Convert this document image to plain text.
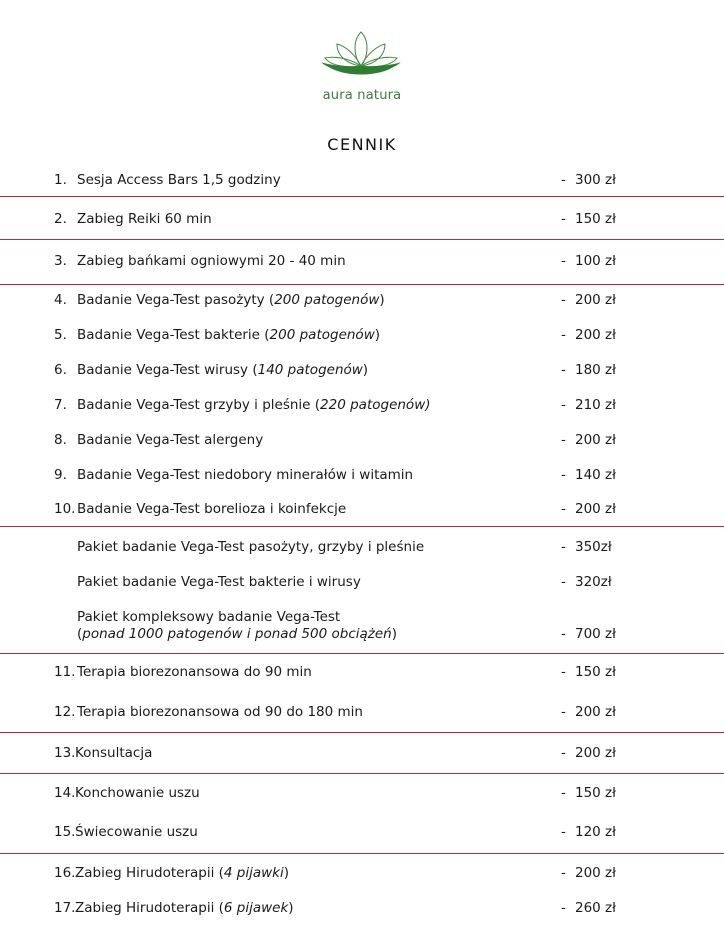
aura natura
CENNIK
1. Sesja Access Bars 1,5 godziny	- 300 zł
2. Zabieg Reiki 60 min	- 150 zł
3. Zabieg bańkami ogniowymi 20 - 40 min	- 100 zł
4. Badanie Vega-Test pasożyty (200 patogenów)	- 200 zł
5. Badanie Vega-Test bakterie (200 patogenów)	- 200 zł
6. Badanie Vega-Test wirusy (140 patogenów)	- 180 zł
7. Badanie Vega-Test grzyby i pleśnie (220 patogenów)	- 210 zł
8. Badanie Vega-Test alergeny	- 200 zł
9. Badanie Vega-Test niedobory minerałów i witamin	- 140 zł
10. Badanie Vega-Test borelioza i koinfekcje	- 200 zł
Pakiet badanie Vega-Test pasożyty, grzyby i pleśnie	- 350zł
Pakiet badanie Vega-Test bakterie i wirusy	- 320zł
Pakiet kompleksowy badanie Vega-Test
(ponad 1000 patogenów i ponad 500 obciążeń)	- 700 zł
11. Terapia biorezonansowa do 90 min	- 150 zł
12. Terapia biorezonansowa od 90 do 180 min	- 200 zł
13. Konsultacja	- 200 zł
14. Konchowanie uszu	- 150 zł
15. Świecowanie uszu	- 120 zł
16. Zabieg Hirudoterapii (4 pijawki)	- 200 zł
17. Zabieg Hirudoterapii (6 pijawek)	- 260 zł
